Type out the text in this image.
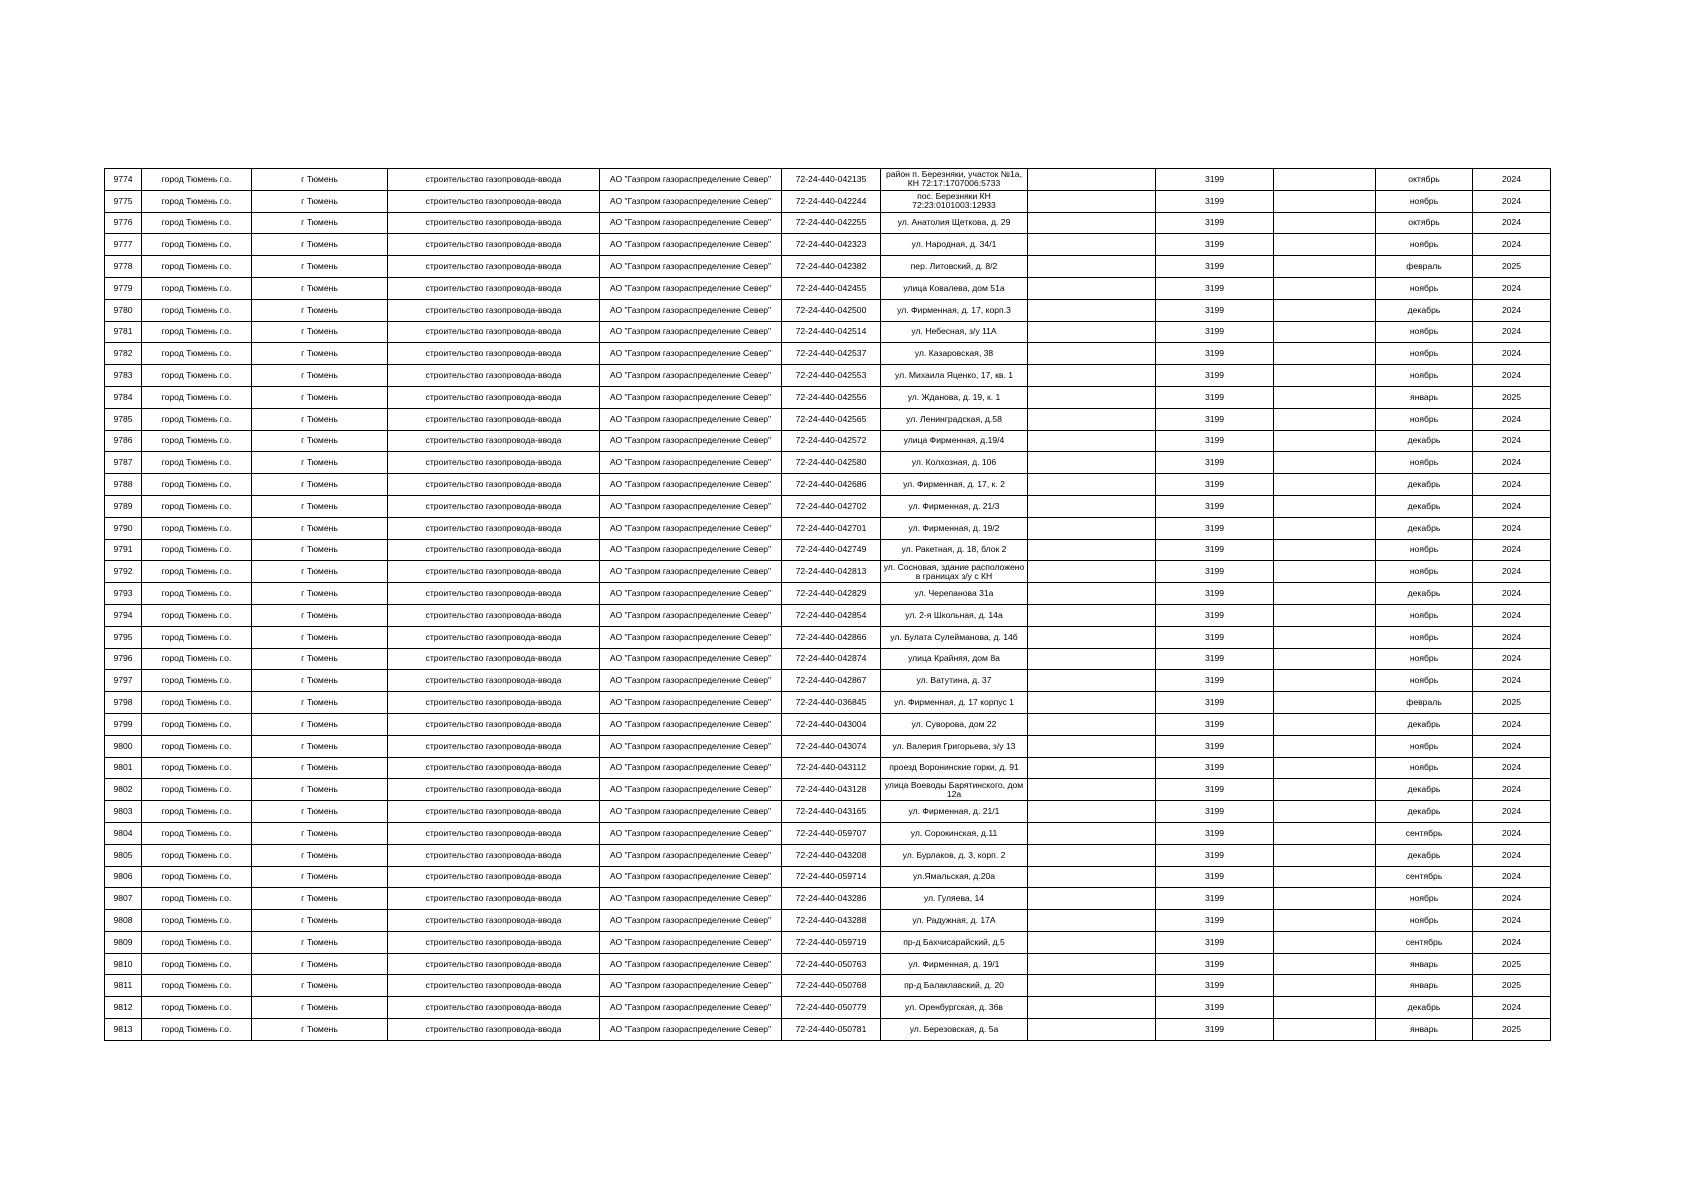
9774	город Тюмень г.о.	г Тюмень	строительство газопровода-ввода	АО "Газпром газораспределение Север"	72-24-440-042135	район п. Березняки, участок №1а, КН 72:17:1707006:5733		3199		октябрь	2024
9775	город Тюмень г.о.	г Тюмень	строительство газопровода-ввода	АО "Газпром газораспределение Север"	72-24-440-042244	пос. Березняки КН 72:23:0101003:12933		3199		ноябрь	2024
9776	город Тюмень г.о.	г Тюмень	строительство газопровода-ввода	АО "Газпром газораспределение Север"	72-24-440-042255	ул. Анатолия Щеткова, д. 29		3199		октябрь	2024
9777	город Тюмень г.о.	г Тюмень	строительство газопровода-ввода	АО "Газпром газораспределение Север"	72-24-440-042323	ул. Народная, д. 34/1		3199		ноябрь	2024
9778	город Тюмень г.о.	г Тюмень	строительство газопровода-ввода	АО "Газпром газораспределение Север"	72-24-440-042382	пер. Литовский, д. 8/2		3199		февраль	2025
9779	город Тюмень г.о.	г Тюмень	строительство газопровода-ввода	АО "Газпром газораспределение Север"	72-24-440-042455	улица Ковалева, дом 51а		3199		ноябрь	2024
9780	город Тюмень г.о.	г Тюмень	строительство газопровода-ввода	АО "Газпром газораспределение Север"	72-24-440-042500	ул. Фирменная, д. 17, корп.3		3199		декабрь	2024
9781	город Тюмень г.о.	г Тюмень	строительство газопровода-ввода	АО "Газпром газораспределение Север"	72-24-440-042514	ул. Небесная, з/у 11А		3199		ноябрь	2024
9782	город Тюмень г.о.	г Тюмень	строительство газопровода-ввода	АО "Газпром газораспределение Север"	72-24-440-042537	ул. Казаровская, 38		3199		ноябрь	2024
9783	город Тюмень г.о.	г Тюмень	строительство газопровода-ввода	АО "Газпром газораспределение Север"	72-24-440-042553	ул. Михаила Яценко, 17, кв. 1		3199		ноябрь	2024
9784	город Тюмень г.о.	г Тюмень	строительство газопровода-ввода	АО "Газпром газораспределение Север"	72-24-440-042556	ул. Жданова, д. 19, к. 1		3199		январь	2025
9785	город Тюмень г.о.	г Тюмень	строительство газопровода-ввода	АО "Газпром газораспределение Север"	72-24-440-042565	ул. Ленинградская, д.58		3199		ноябрь	2024
9786	город Тюмень г.о.	г Тюмень	строительство газопровода-ввода	АО "Газпром газораспределение Север"	72-24-440-042572	улица Фирменная, д.19/4		3199		декабрь	2024
9787	город Тюмень г.о.	г Тюмень	строительство газопровода-ввода	АО "Газпром газораспределение Север"	72-24-440-042580	ул. Колхозная, д. 106		3199		ноябрь	2024
9788	город Тюмень г.о.	г Тюмень	строительство газопровода-ввода	АО "Газпром газораспределение Север"	72-24-440-042686	ул. Фирменная, д. 17, к. 2		3199		декабрь	2024
9789	город Тюмень г.о.	г Тюмень	строительство газопровода-ввода	АО "Газпром газораспределение Север"	72-24-440-042702	ул. Фирменная, д. 21/3		3199		декабрь	2024
9790	город Тюмень г.о.	г Тюмень	строительство газопровода-ввода	АО "Газпром газораспределение Север"	72-24-440-042701	ул. Фирменная, д. 19/2		3199		декабрь	2024
9791	город Тюмень г.о.	г Тюмень	строительство газопровода-ввода	АО "Газпром газораспределение Север"	72-24-440-042749	ул. Ракетная, д. 18, блок 2		3199		ноябрь	2024
9792	город Тюмень г.о.	г Тюмень	строительство газопровода-ввода	АО "Газпром газораспределение Север"	72-24-440-042813	ул. Сосновая, здание расположено в границах з/у с КН		3199		ноябрь	2024
9793	город Тюмень г.о.	г Тюмень	строительство газопровода-ввода	АО "Газпром газораспределение Север"	72-24-440-042829	ул. Черепанова 31а		3199		декабрь	2024
9794	город Тюмень г.о.	г Тюмень	строительство газопровода-ввода	АО "Газпром газораспределение Север"	72-24-440-042854	ул. 2-я Школьная, д. 14а		3199		ноябрь	2024
9795	город Тюмень г.о.	г Тюмень	строительство газопровода-ввода	АО "Газпром газораспределение Север"	72-24-440-042866	ул. Булата Сулейманова, д. 14б		3199		ноябрь	2024
9796	город Тюмень г.о.	г Тюмень	строительство газопровода-ввода	АО "Газпром газораспределение Север"	72-24-440-042874	улица Крайняя, дом 8а		3199		ноябрь	2024
9797	город Тюмень г.о.	г Тюмень	строительство газопровода-ввода	АО "Газпром газораспределение Север"	72-24-440-042867	ул. Ватутина, д. 37		3199		ноябрь	2024
9798	город Тюмень г.о.	г Тюмень	строительство газопровода-ввода	АО "Газпром газораспределение Север"	72-24-440-036845	ул. Фирменная, д. 17 корпус 1		3199		февраль	2025
9799	город Тюмень г.о.	г Тюмень	строительство газопровода-ввода	АО "Газпром газораспределение Север"	72-24-440-043004	ул. Суворова, дом 22		3199		декабрь	2024
9800	город Тюмень г.о.	г Тюмень	строительство газопровода-ввода	АО "Газпром газораспределение Север"	72-24-440-043074	ул. Валерия Григорьева, з/у 13		3199		ноябрь	2024
9801	город Тюмень г.о.	г Тюмень	строительство газопровода-ввода	АО "Газпром газораспределение Север"	72-24-440-043112	проезд Воронинские горки, д. 91		3199		ноябрь	2024
9802	город Тюмень г.о.	г Тюмень	строительство газопровода-ввода	АО "Газпром газораспределение Север"	72-24-440-043128	улица Воеводы Барятинского, дом 12а		3199		декабрь	2024
9803	город Тюмень г.о.	г Тюмень	строительство газопровода-ввода	АО "Газпром газораспределение Север"	72-24-440-043165	ул. Фирменная, д. 21/1		3199		декабрь	2024
9804	город Тюмень г.о.	г Тюмень	строительство газопровода-ввода	АО "Газпром газораспределение Север"	72-24-440-059707	ул. Сорокинская, д.11		3199		сентябрь	2024
9805	город Тюмень г.о.	г Тюмень	строительство газопровода-ввода	АО "Газпром газораспределение Север"	72-24-440-043208	ул. Бурлаков, д. 3, корп. 2		3199		декабрь	2024
9806	город Тюмень г.о.	г Тюмень	строительство газопровода-ввода	АО "Газпром газораспределение Север"	72-24-440-059714	ул.Ямальская, д.20а		3199		сентябрь	2024
9807	город Тюмень г.о.	г Тюмень	строительство газопровода-ввода	АО "Газпром газораспределение Север"	72-24-440-043286	ул. Гуляева, 14		3199		ноябрь	2024
9808	город Тюмень г.о.	г Тюмень	строительство газопровода-ввода	АО "Газпром газораспределение Север"	72-24-440-043288	ул. Радужная, д. 17А		3199		ноябрь	2024
9809	город Тюмень г.о.	г Тюмень	строительство газопровода-ввода	АО "Газпром газораспределение Север"	72-24-440-059719	пр-д Бахчисарайский, д.5		3199		сентябрь	2024
9810	город Тюмень г.о.	г Тюмень	строительство газопровода-ввода	АО "Газпром газораспределение Север"	72-24-440-050763	ул. Фирменная, д. 19/1		3199		январь	2025
9811	город Тюмень г.о.	г Тюмень	строительство газопровода-ввода	АО "Газпром газораспределение Север"	72-24-440-050768	пр-д Балаклавский, д. 20		3199		январь	2025
9812	город Тюмень г.о.	г Тюмень	строительство газопровода-ввода	АО "Газпром газораспределение Север"	72-24-440-050779	ул. Оренбургская, д. 36в		3199		декабрь	2024
9813	город Тюмень г.о.	г Тюмень	строительство газопровода-ввода	АО "Газпром газораспределение Север"	72-24-440-050781	ул. Березовская, д. 5а		3199		январь	2025
